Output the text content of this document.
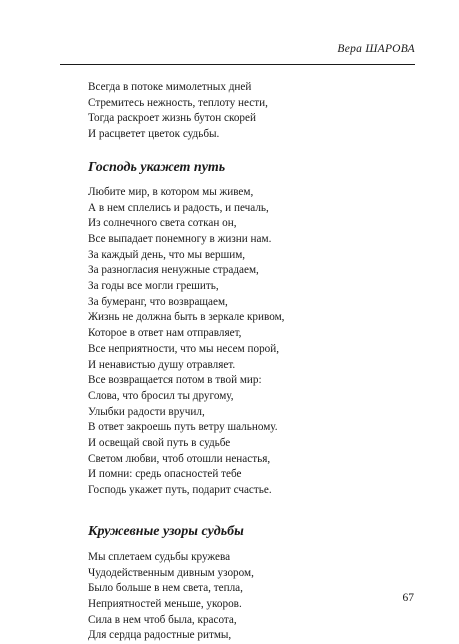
Вера ШАРОВА
Всегда в потоке мимолетных дней
Стремитесь нежность, теплоту нести,
Тогда раскроет жизнь бутон скорей
И расцветет цветок судьбы.
Господь укажет путь
Любите мир, в котором мы живем,
А в нем сплелись и радость, и печаль,
Из солнечного света соткан он,
Все выпадает понемногу в жизни нам.
За каждый день, что мы вершим,
За разногласия ненужные страдаем,
За годы все могли грешить,
За бумеранг, что возвращаем,
Жизнь не должна быть в зеркале кривом,
Которое в ответ нам отправляет,
Все неприятности, что мы несем порой,
И ненавистью душу отравляет.
Все возвращается потом в твой мир:
Слова, что бросил ты другому,
Улыбки радости вручил,
В ответ закроешь путь ветру шальному.
И освещай свой путь в судьбе
Светом любви, чтоб отошли ненастья,
И помни: средь опасностей тебе
Господь укажет путь, подарит счастье.
Кружевные узоры судьбы
Мы сплетаем судьбы кружева
Чудодейственным дивным узором,
Было больше в нем света, тепла,
Неприятностей меньше, укоров.
Сила в нем чтоб была, красота,
Для сердца радостные ритмы,
67
